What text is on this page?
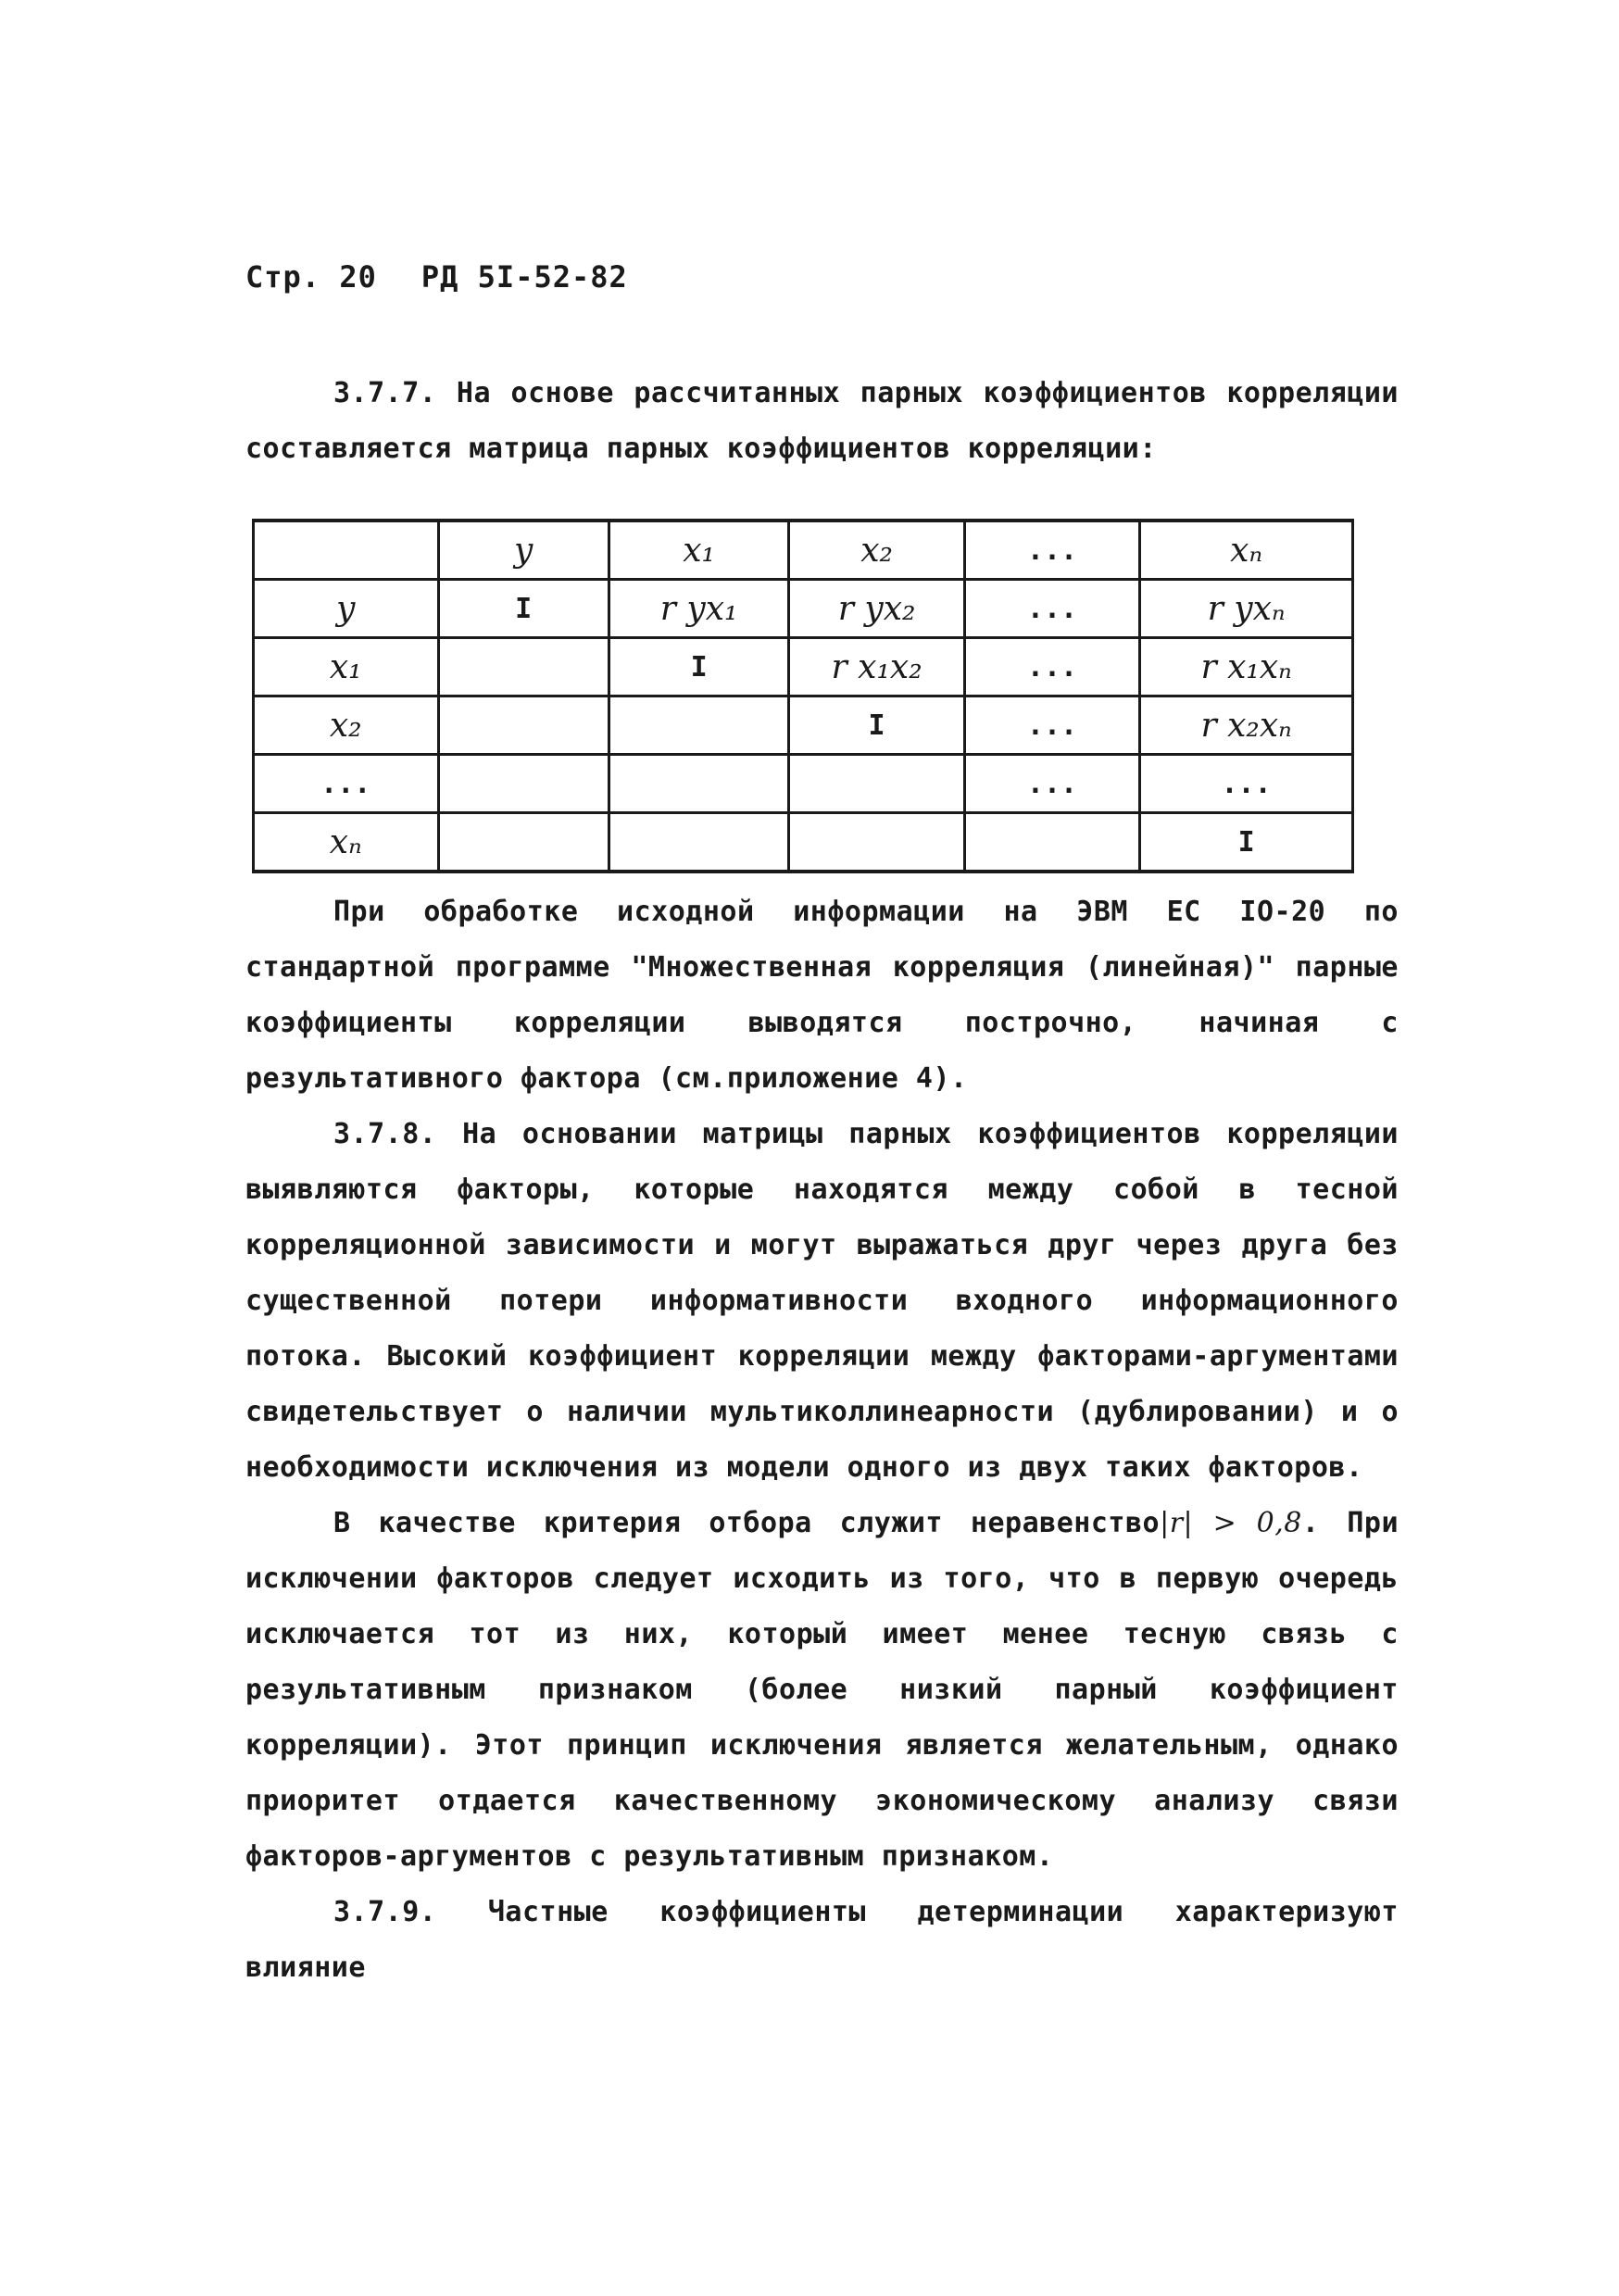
Стр. 20 РД 5I-52-82
3.7.7. На основе рассчитанных парных коэффициентов корреляции составляется матрица парных коэффициентов корреляции:
	y	x₁	x₂	...	xₙ
y	I	r yx₁	r yx₂	...	r yxₙ
x₁		I	r x₁x₂	...	r x₁xₙ
x₂			I	...	r x₂xₙ
...				...	...
xₙ					I
При обработке исходной информации на ЭВМ ЕС IO-20 по стандартной программе "Множественная корреляция (линейная)" парные коэффициенты корреляции выводятся построчно, начиная с результативного фактора (см.приложение 4).
3.7.8. На основании матрицы парных коэффициентов корреляции выявляются факторы, которые находятся между собой в тесной корреляционной зависимости и могут выражаться друг через друга без существенной потери информативности входного информационного потока. Высокий коэффициент корреляции между факторами-аргументами свидетельствует о наличии мультиколлинеарности (дублировании) и о необходимости исключения из модели одного из двух таких факторов.
В качестве критерия отбора служит неравенство|r| > 0,8. При исключении факторов следует исходить из того, что в первую очередь исключается тот из них, который имеет менее тесную связь с результативным признаком (более низкий парный коэффициент корреляции). Этот принцип исключения является желательным, однако приоритет отдается качественному экономическому анализу связи факторов-аргументов с результативным признаком.
3.7.9. Частные коэффициенты детерминации характеризуют влияние
